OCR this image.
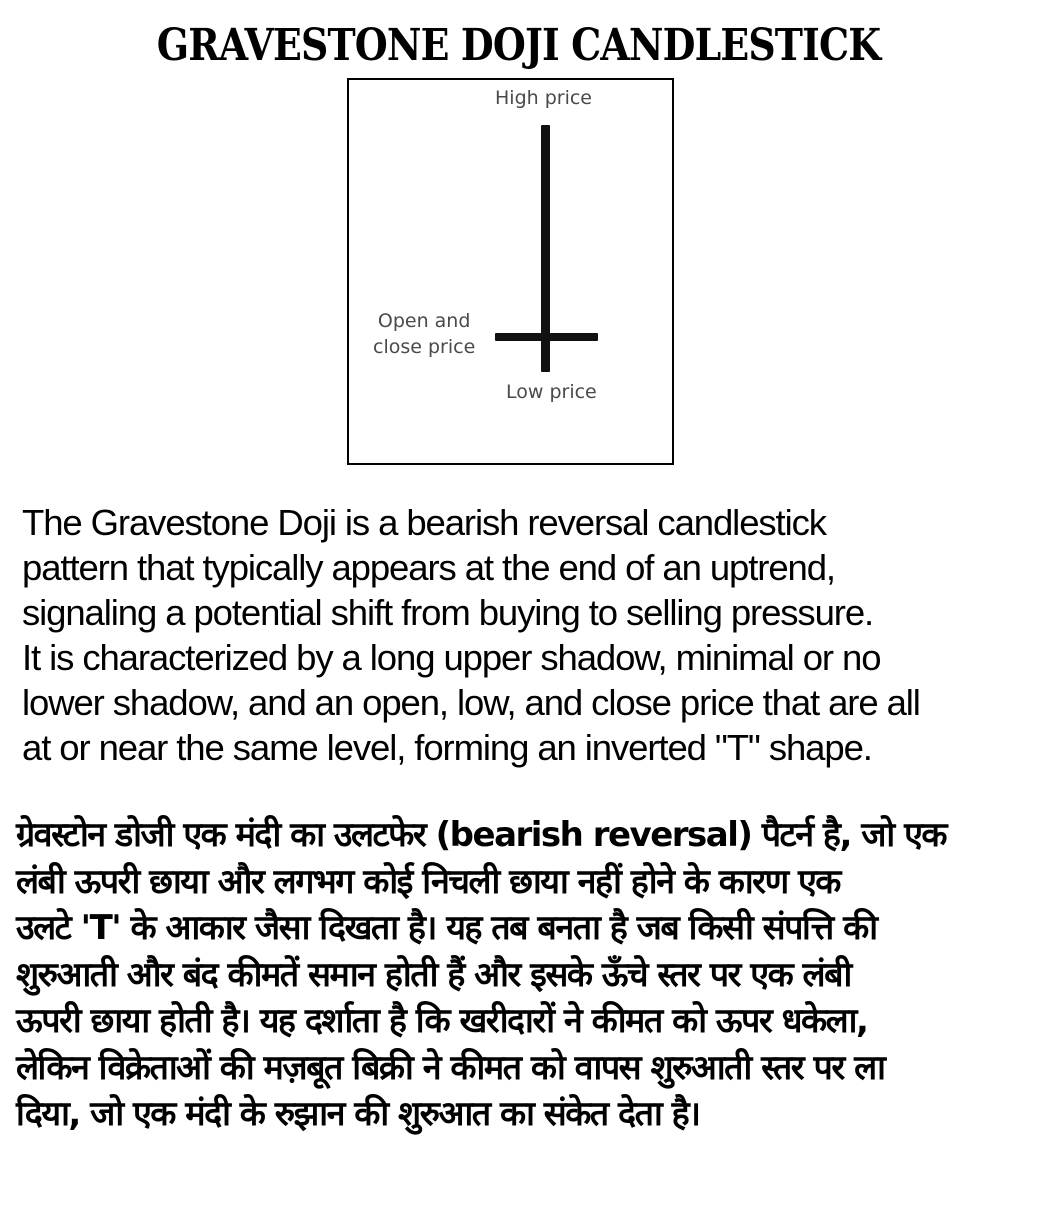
GRAVESTONE DOJI CANDLESTICK
High price
Open and
close price
Low price

The Gravestone Doji is a bearish reversal candlestick
pattern that typically appears at the end of an uptrend,
signaling a potential shift from buying to selling pressure.
It is characterized by a long upper shadow, minimal or no
lower shadow, and an open, low, and close price that are all
at or near the same level, forming an inverted "T" shape.

ग्रेवस्टोन डोजी एक मंदी का उलटफेर (bearish reversal) पैटर्न है, जो एक
लंबी ऊपरी छाया और लगभग कोई निचली छाया नहीं होने के कारण एक
उलटे 'T' के आकार जैसा दिखता है। यह तब बनता है जब किसी संपत्ति की
शुरुआती और बंद कीमतें समान होती हैं और इसके ऊँचे स्तर पर एक लंबी
ऊपरी छाया होती है। यह दर्शाता है कि खरीदारों ने कीमत को ऊपर धकेला,
लेकिन विक्रेताओं की मज़बूत बिक्री ने कीमत को वापस शुरुआती स्तर पर ला
दिया, जो एक मंदी के रुझान की शुरुआत का संकेत देता है।
